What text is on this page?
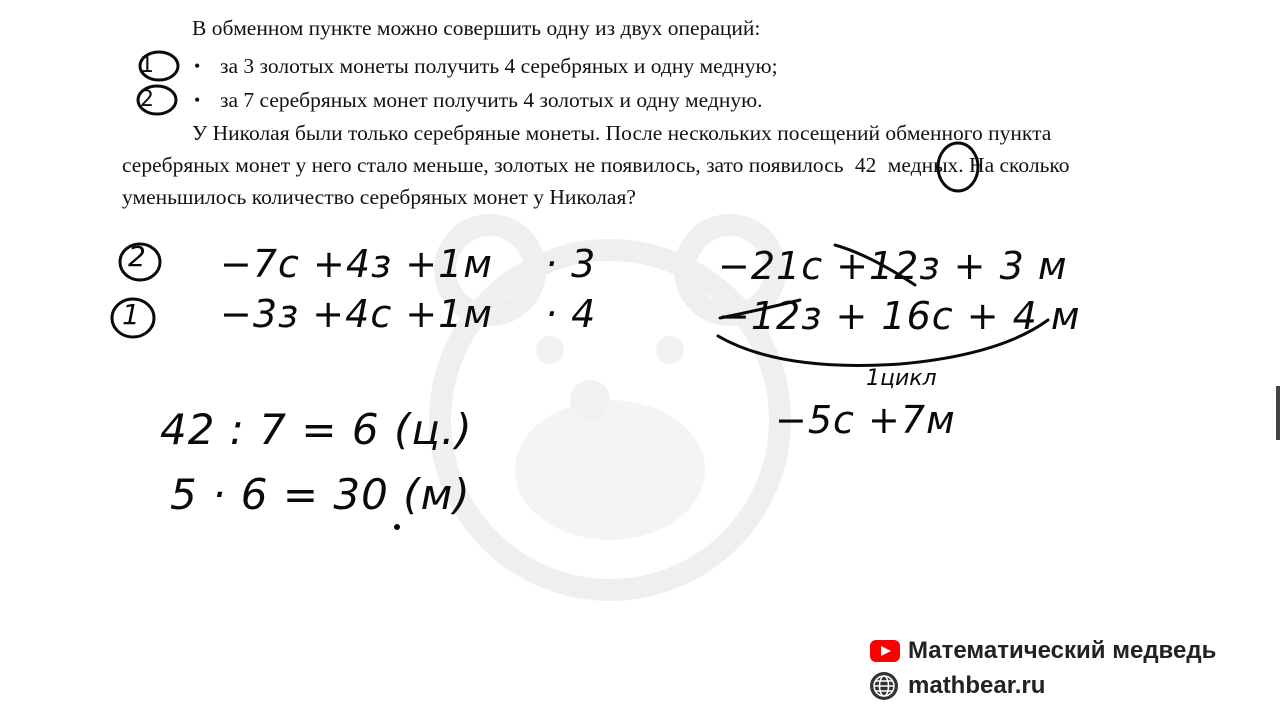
В обменном пункте можно совершить одну из двух операций:
1 • за 3 золотых монеты получить 4 серебряных и одну медную;
2 • за 7 серебряных монет получить 4 золотых и одну медную.
У Николая были только серебряные монеты. После нескольких посещений обменного пункта
серебряных монет у него стало меньше, золотых не появилось, зато появилось 42 медных. На сколько
уменьшилось количество серебряных монет у Николая?
2 −7с +4з +1м · 3
1 −3з +4с +1м · 4
−21с +12з + 3 м
−12з + 16с + 4 м
1цикл
−5с +7м
42 : 7 = 6 (ц.)
5 · 6 = 30 (м)
Математический медведь
mathbear.ru
